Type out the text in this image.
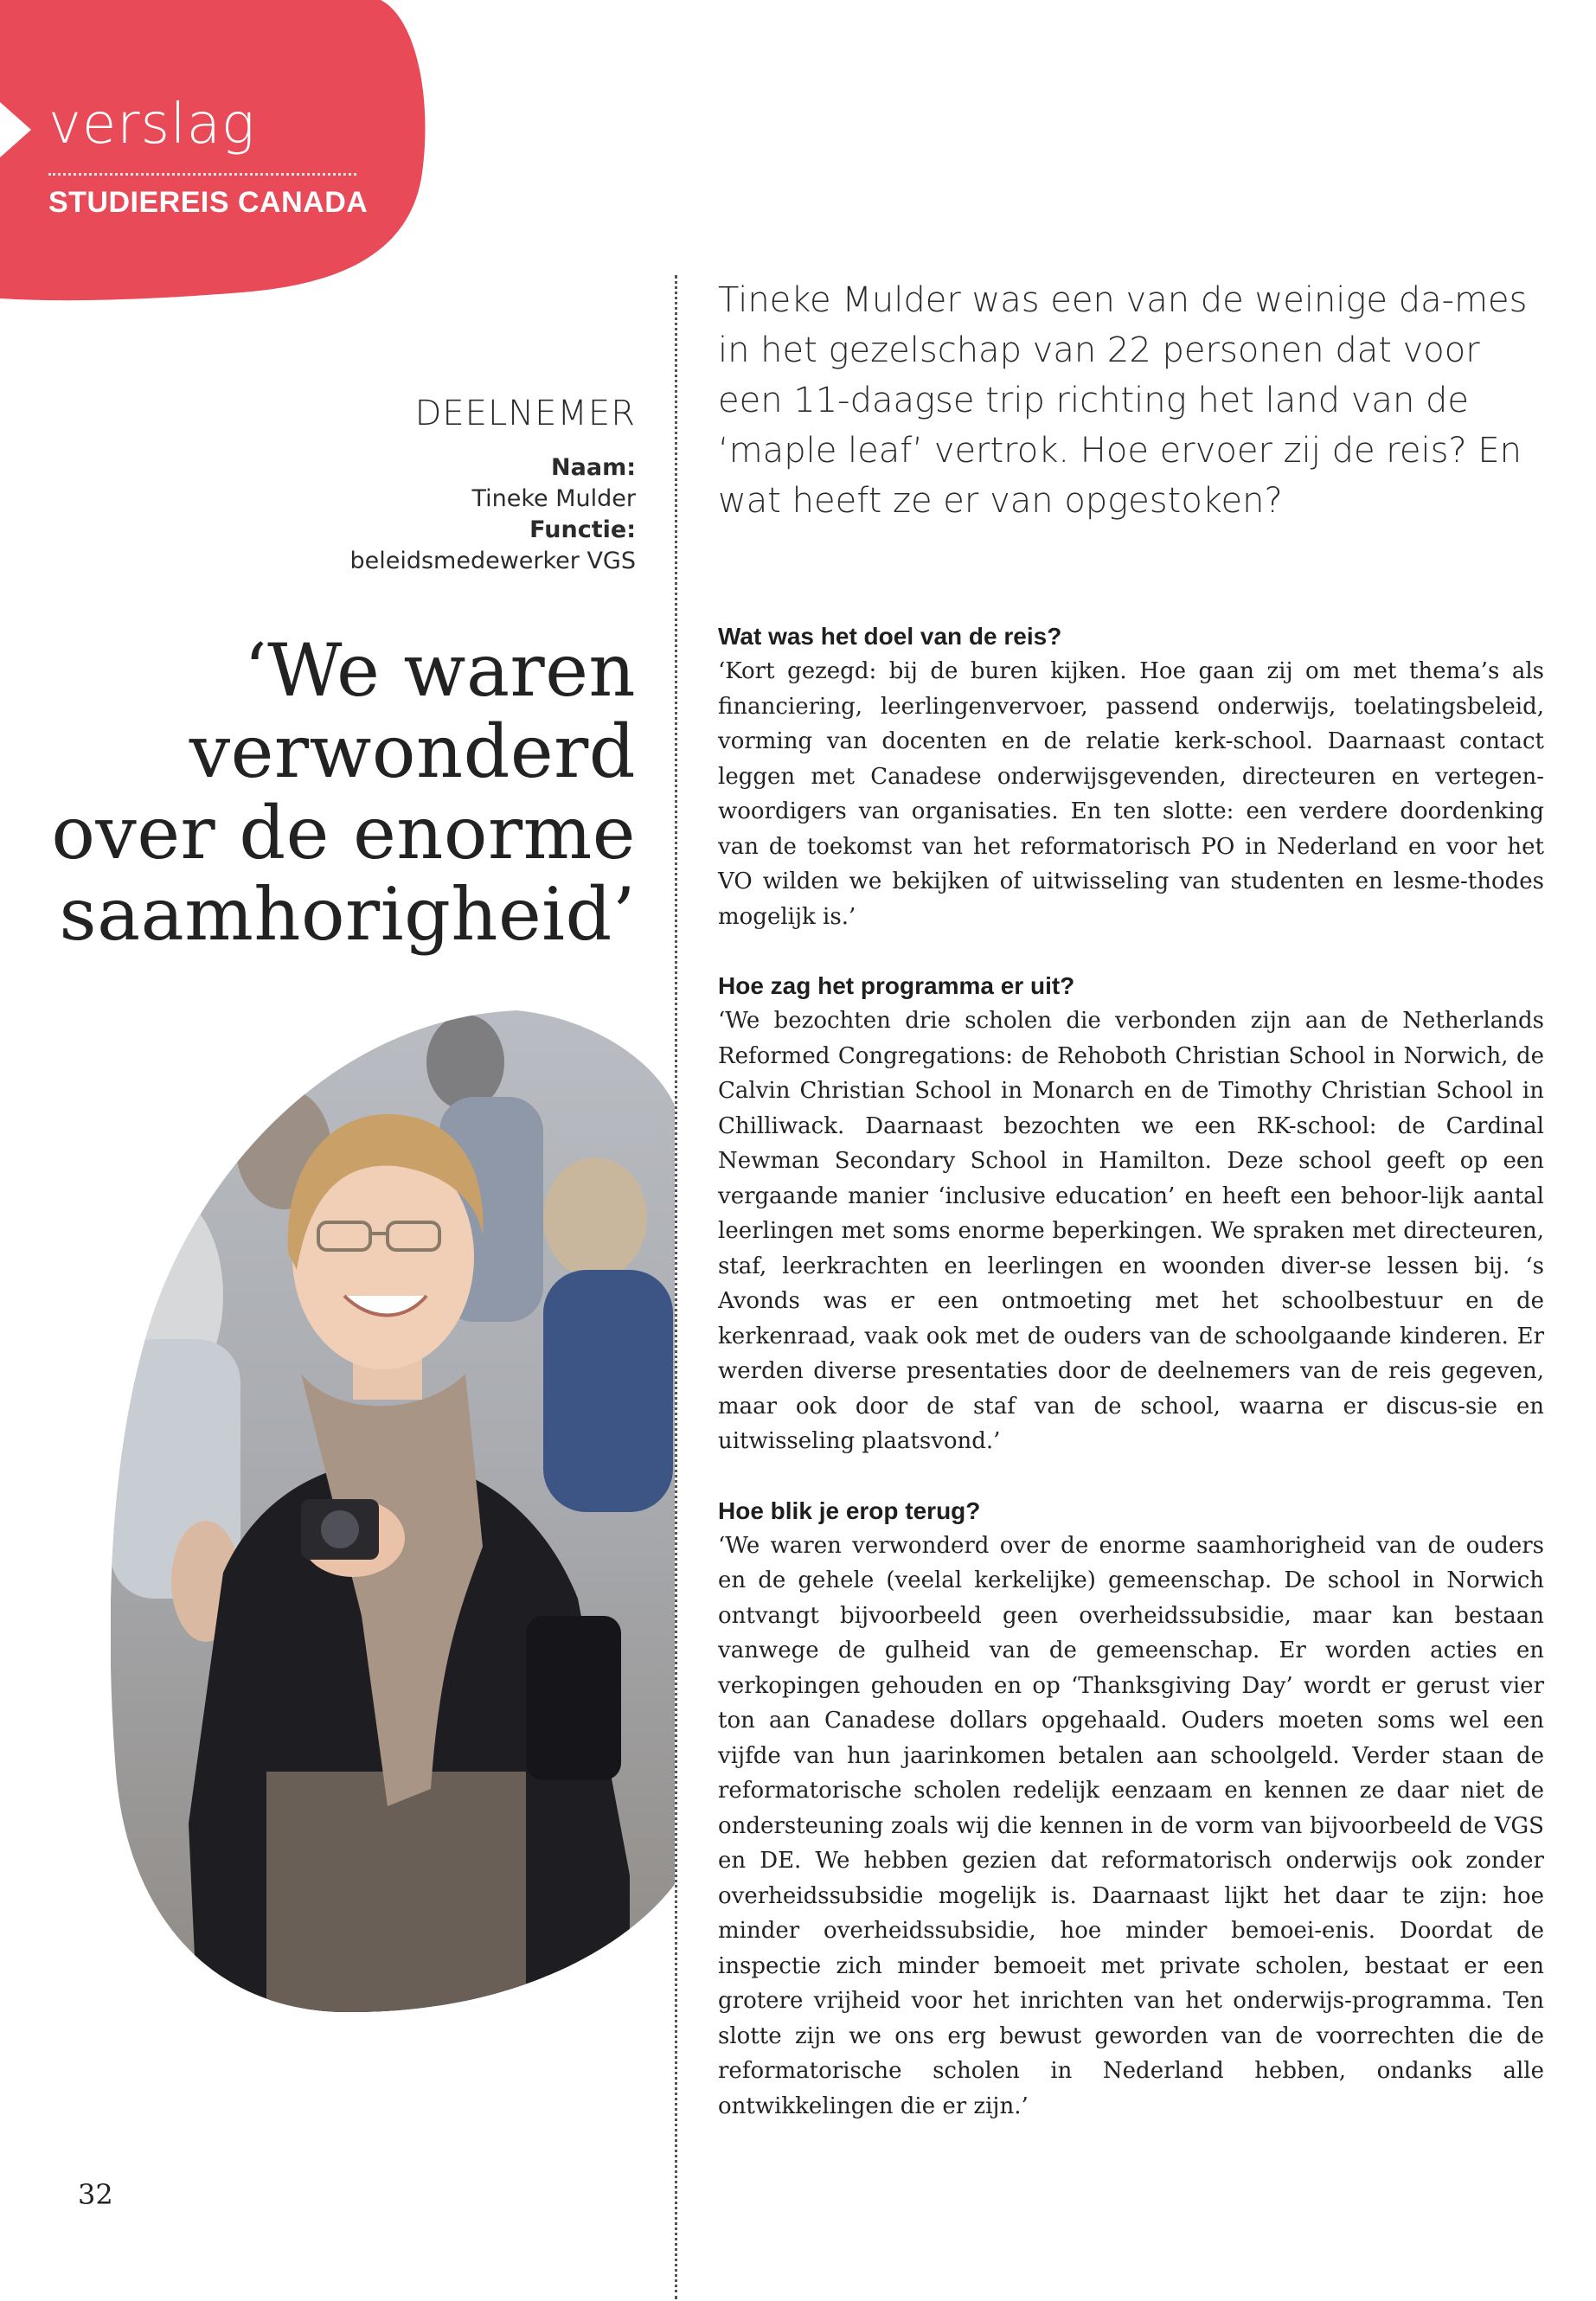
verslag
STUDIEREIS CANADA
DEELNEMER
Naam:
Tineke Mulder
Functie:
beleidsmedewerker VGS
‘We waren
verwonderd
over de enorme
saamhorigheid’
Tineke Mulder was een van de weinige da-mes in het gezelschap van 22 personen dat voor een 11-daagse trip richting het land van de ‘maple leaf’ vertrok. Hoe ervoer zij de reis? En wat heeft ze er van opgestoken?
Wat was het doel van de reis?

‘Kort gezegd: bij de buren kijken. Hoe gaan zij om met thema’s als financiering, leerlingenvervoer, passend onderwijs, toelatingsbeleid, vorming van docenten en de relatie kerk-school. Daarnaast contact leggen met Canadese onderwijsgevenden, directeuren en vertegen-woordigers van organisaties. En ten slotte: een verdere doordenking van de toekomst van het reformatorisch PO in Nederland en voor het VO wilden we bekijken of uitwisseling van studenten en lesme-thodes mogelijk is.’

Hoe zag het programma er uit?

‘We bezochten drie scholen die verbonden zijn aan de Netherlands Reformed Congregations: de Rehoboth Christian School in Norwich, de Calvin Christian School in Monarch en de Timothy Christian School in Chilliwack. Daarnaast bezochten we een RK-school: de Cardinal Newman Secondary School in Hamilton. Deze school geeft op een vergaande manier ‘inclusive education’ en heeft een behoor-lijk aantal leerlingen met soms enorme beperkingen. We spraken met directeuren, staf, leerkrachten en leerlingen en woonden diver-se lessen bij. ‘s Avonds was er een ontmoeting met het schoolbestuur en de kerkenraad, vaak ook met de ouders van de schoolgaande kinderen. Er werden diverse presentaties door de deelnemers van de reis gegeven, maar ook door de staf van de school, waarna er discus-sie en uitwisseling plaatsvond.’

Hoe blik je erop terug?

‘We waren verwonderd over de enorme saamhorigheid van de ouders en de gehele (veelal kerkelijke) gemeenschap. De school in Norwich ontvangt bijvoorbeeld geen overheidssubsidie, maar kan bestaan vanwege de gulheid van de gemeenschap. Er worden acties en verkopingen gehouden en op ‘Thanksgiving Day’ wordt er gerust vier ton aan Canadese dollars opgehaald. Ouders moeten soms wel een vijfde van hun jaarinkomen betalen aan schoolgeld. Verder staan de reformatorische scholen redelijk eenzaam en kennen ze daar niet de ondersteuning zoals wij die kennen in de vorm van bijvoorbeeld de VGS en DE. We hebben gezien dat reformatorisch onderwijs ook zonder overheidssubsidie mogelijk is. Daarnaast lijkt het daar te zijn: hoe minder overheidssubsidie, hoe minder bemoei-enis. Doordat de inspectie zich minder bemoeit met private scholen, bestaat er een grotere vrijheid voor het inrichten van het onderwijs-programma. Ten slotte zijn we ons erg bewust geworden van de voorrechten die de reformatorische scholen in Nederland hebben, ondanks alle ontwikkelingen die er zijn.’

32
